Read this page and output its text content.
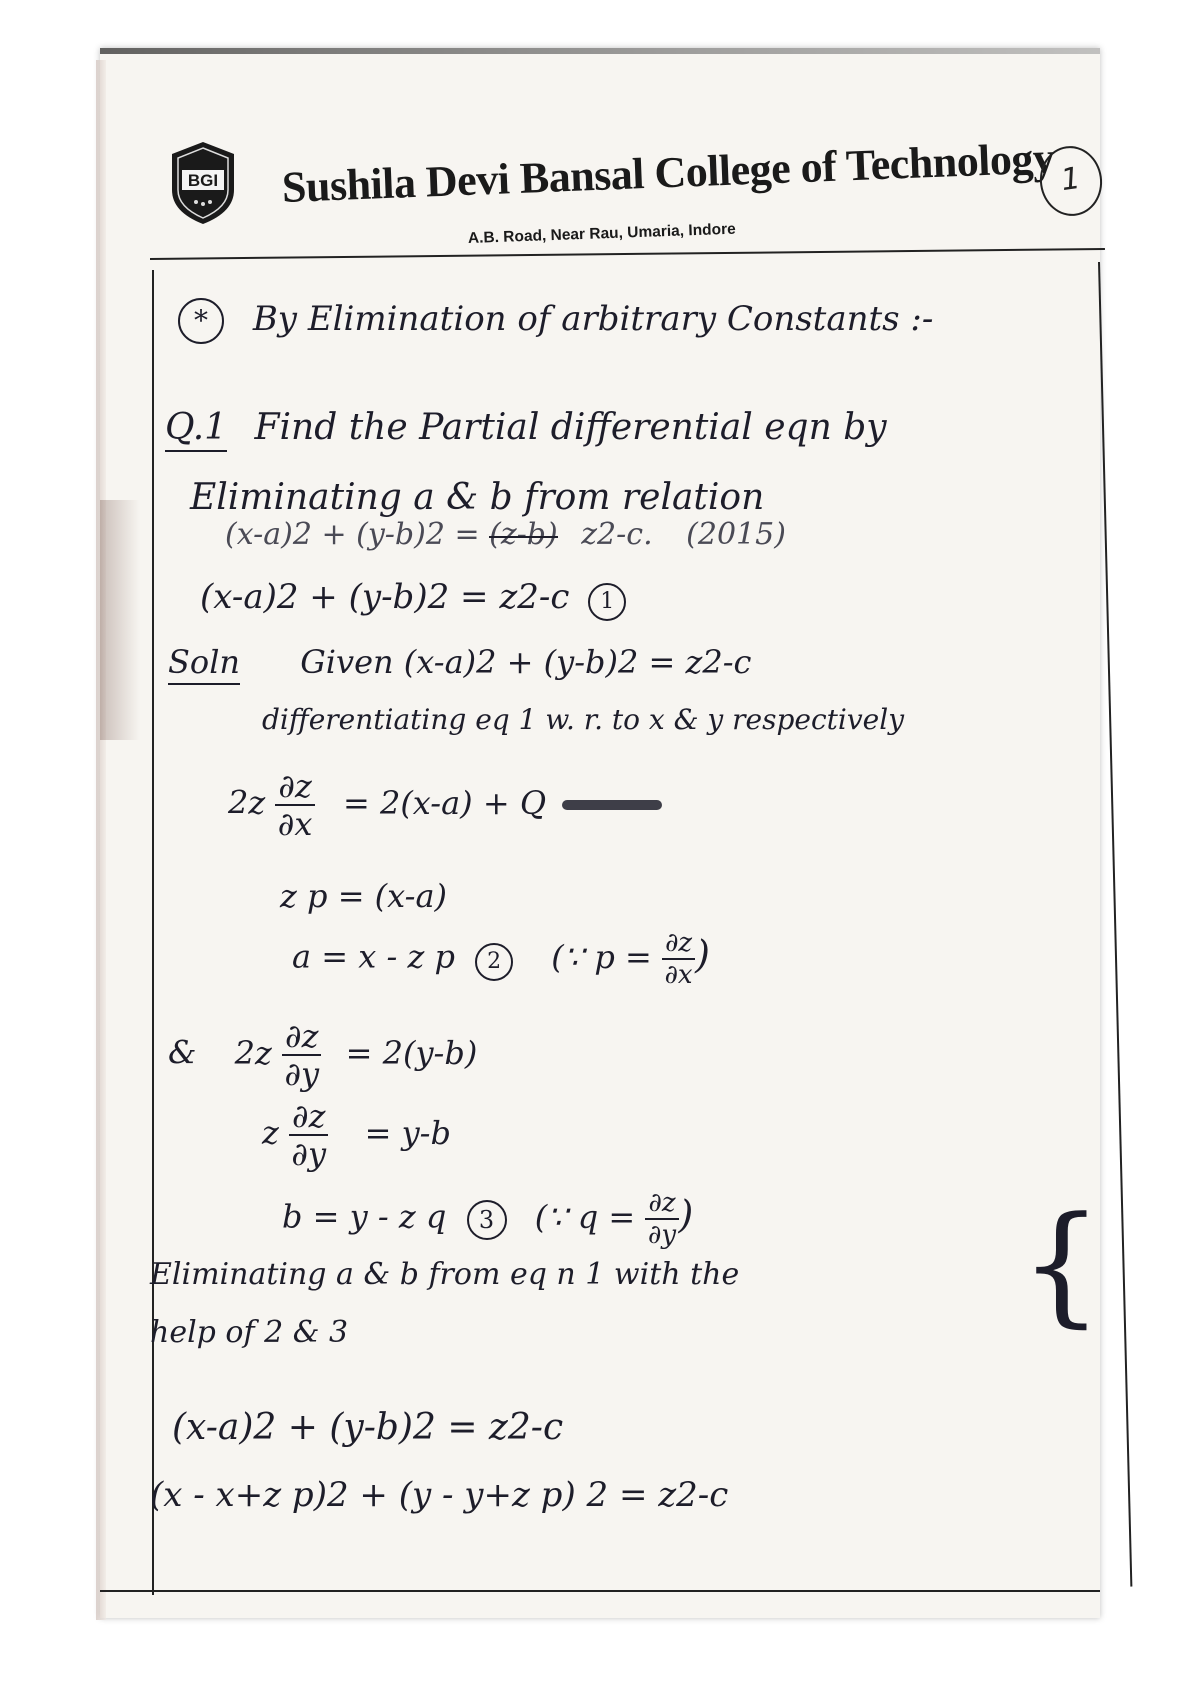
BGI Sushila Devi Bansal College of Technology
A.B. Road, Near Rau, Umaria, Indore
1
* By Elimination of arbitrary Constants :-
Q.1 Find the Partial differential eqn by
Eliminating a & b from relation
(x-a)2 + (y-b)2 = (z-b) z2-c. (2015)
(x-a)2 + (y-b)2 = z2-c 1
Soln Given (x-a)2 + (y-b)2 = z2-c
differentiating eq 1 w. r. to x & y respectively
$2z \frac{\partial z}{\partial x} = 2(x-a) + Q$
z p = (x-a)
a = x - z p 2 (∵ $p = \frac{\partial z}{\partial x}$ )
& $2z \frac{\partial z}{\partial y} = 2(y-b)$
z $\frac{\partial z}{\partial y} = y-b$
b = y - z q 3 (∵ $q = \frac{\partial z}{\partial y}$ )	{
Eliminating a & b from eq n 1 with the
help of 2 & 3
(x-a)2 + (y-b)2 = z2-c
(x - x+z p)2 + (y - y+z p) 2 = z2-c
